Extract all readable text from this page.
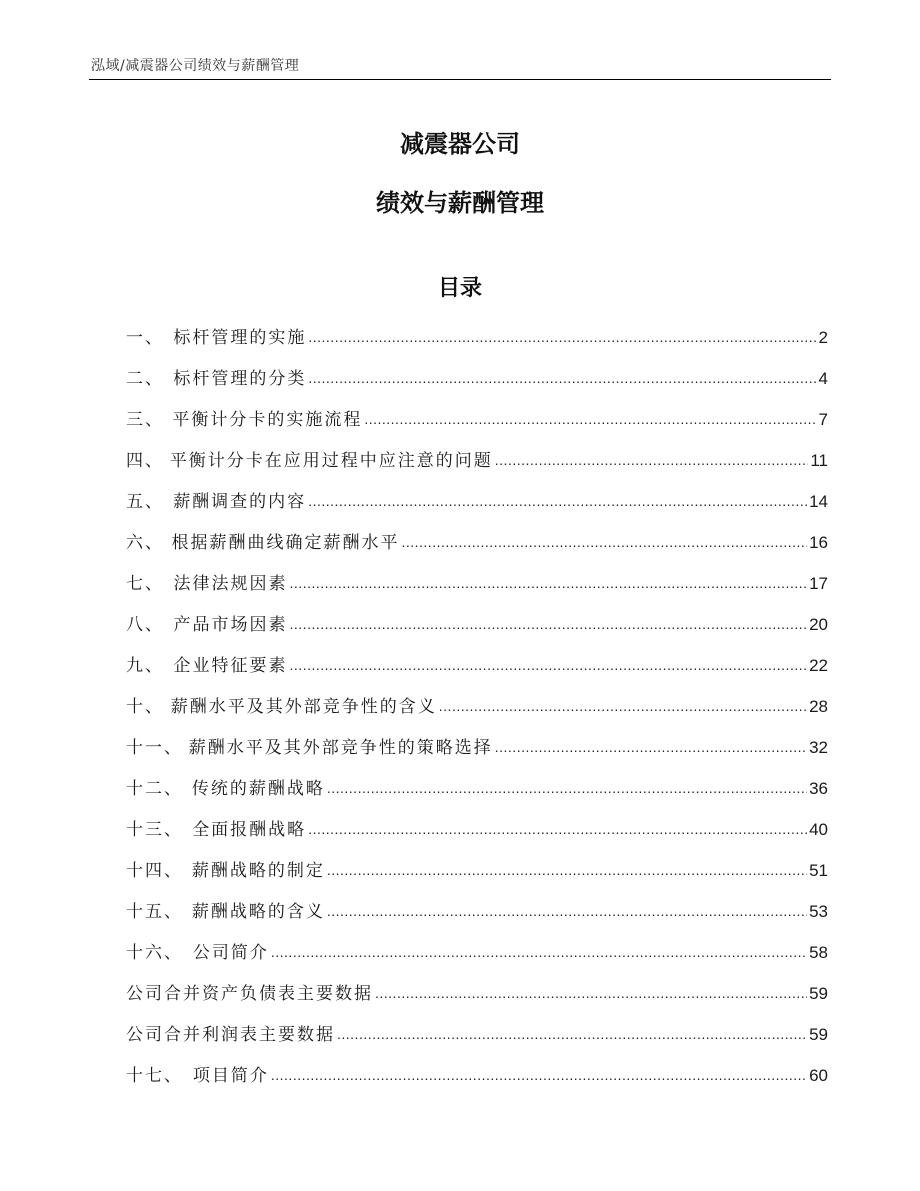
泓域/减震器公司绩效与薪酬管理
减震器公司
绩效与薪酬管理
目录
一、 标杆管理的实施 .....	2
二、 标杆管理的分类 .....	4
三、 平衡计分卡的实施流程 .....	7
四、 平衡计分卡在应用过程中应注意的问题 .....	11
五、 薪酬调查的内容 .....	14
六、 根据薪酬曲线确定薪酬水平 .....	16
七、 法律法规因素 .....	17
八、 产品市场因素 .....	20
九、 企业特征要素 .....	22
十、 薪酬水平及其外部竞争性的含义 .....	28
十一、 薪酬水平及其外部竞争性的策略选择 .....	32
十二、 传统的薪酬战略 .....	36
十三、 全面报酬战略 .....	40
十四、 薪酬战略的制定 .....	51
十五、 薪酬战略的含义 .....	53
十六、 公司简介 .....	58
公司合并资产负债表主要数据 .....	59
公司合并利润表主要数据 .....	59
十七、 项目简介 .....	60
